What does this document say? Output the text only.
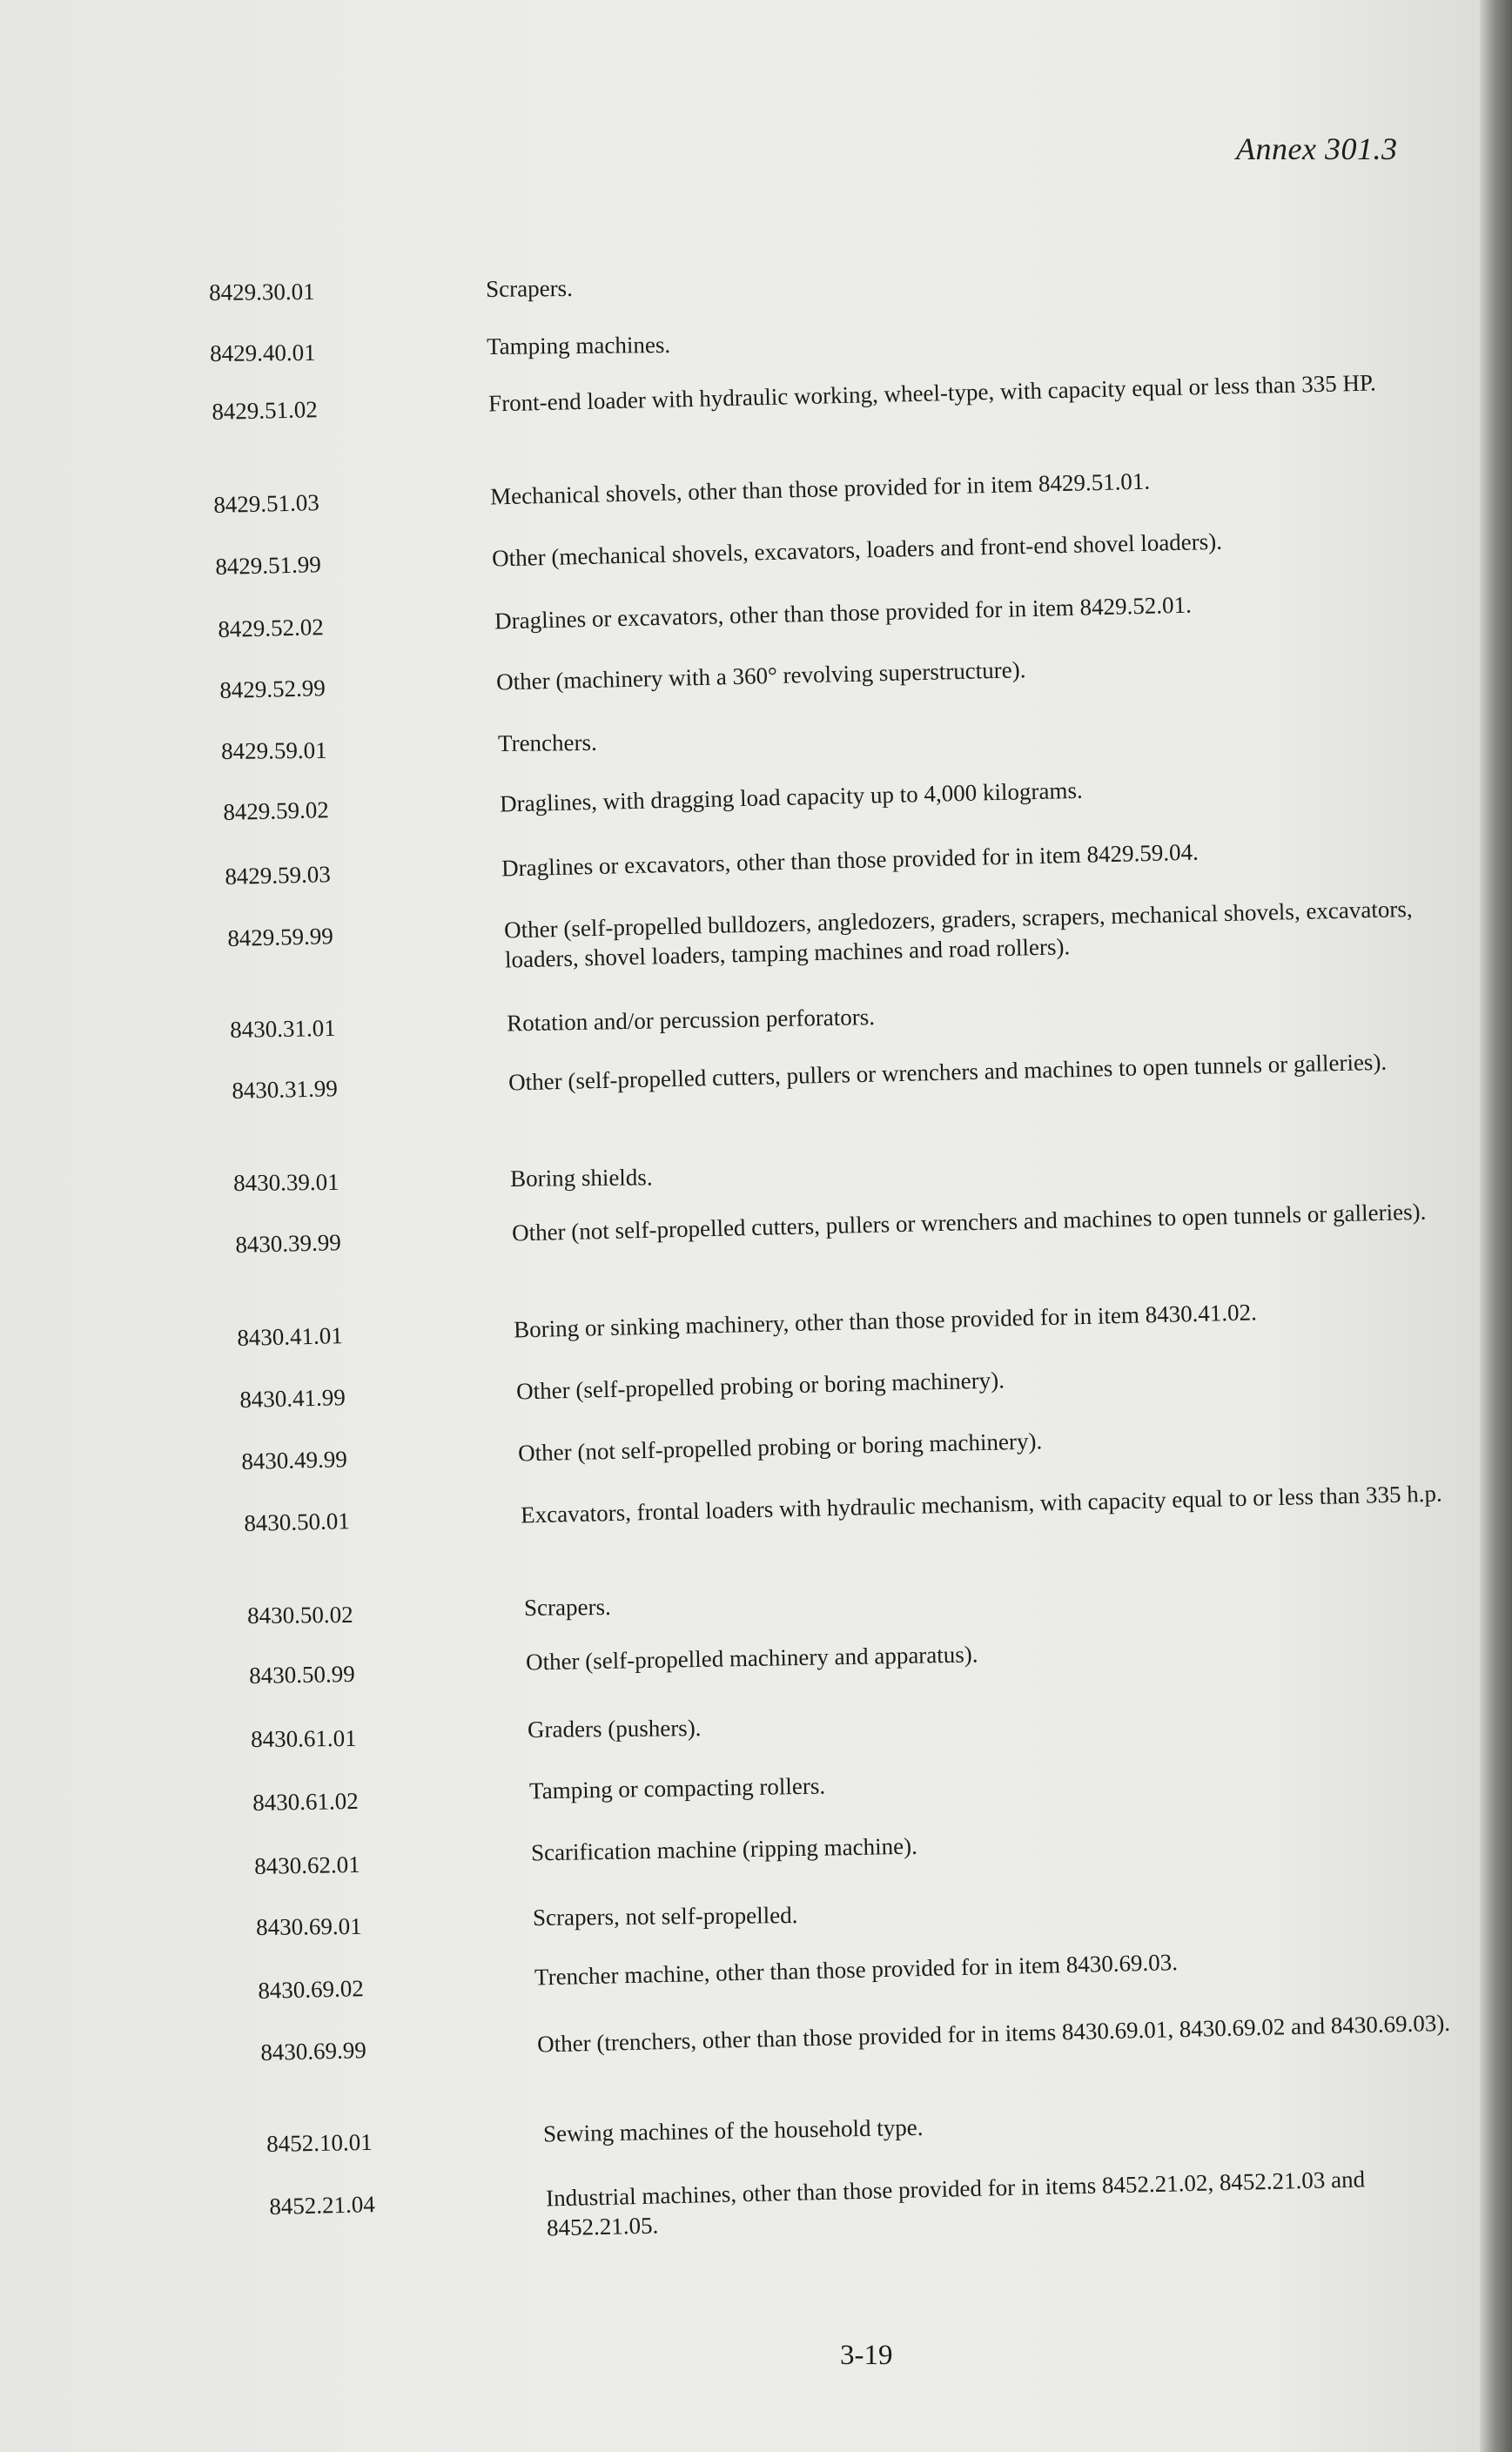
Annex 301.3
8429.30.01	Scrapers.
8429.40.01	Tamping machines.
8429.51.02	Front-end loader with hydraulic working, wheel-type, with capacity equal or less than 335 HP.
8429.51.03	Mechanical shovels, other than those provided for in item 8429.51.01.
8429.51.99	Other (mechanical shovels, excavators, loaders and front-end shovel loaders).
8429.52.02	Draglines or excavators, other than those provided for in item 8429.52.01.
8429.52.99	Other (machinery with a 360° revolving superstructure).
8429.59.01	Trenchers.
8429.59.02	Draglines, with dragging load capacity up to 4,000 kilograms.
8429.59.03	Draglines or excavators, other than those provided for in item 8429.59.04.
8429.59.99	Other (self-propelled bulldozers, angledozers, graders, scrapers, mechanical shovels, excavators, loaders, shovel loaders, tamping machines and road rollers).
8430.31.01	Rotation and/or percussion perforators.
8430.31.99	Other (self-propelled cutters, pullers or wrenchers and machines to open tunnels or galleries).
8430.39.01	Boring shields.
8430.39.99	Other (not self-propelled cutters, pullers or wrenchers and machines to open tunnels or galleries).
8430.41.01	Boring or sinking machinery, other than those provided for in item 8430.41.02.
8430.41.99	Other (self-propelled probing or boring machinery).
8430.49.99	Other (not self-propelled probing or boring machinery).
8430.50.01	Excavators, frontal loaders with hydraulic mechanism, with capacity equal to or less than 335 h.p.
8430.50.02	Scrapers.
8430.50.99	Other (self-propelled machinery and apparatus).
8430.61.01	Graders (pushers).
8430.61.02	Tamping or compacting rollers.
8430.62.01	Scarification machine (ripping machine).
8430.69.01	Scrapers, not self-propelled.
8430.69.02	Trencher machine, other than those provided for in item 8430.69.03.
8430.69.99	Other (trenchers, other than those provided for in items 8430.69.01, 8430.69.02 and 8430.69.03).
8452.10.01	Sewing machines of the household type.
8452.21.04	Industrial machines, other than those provided for in items 8452.21.02, 8452.21.03 and 8452.21.05.
3-19
